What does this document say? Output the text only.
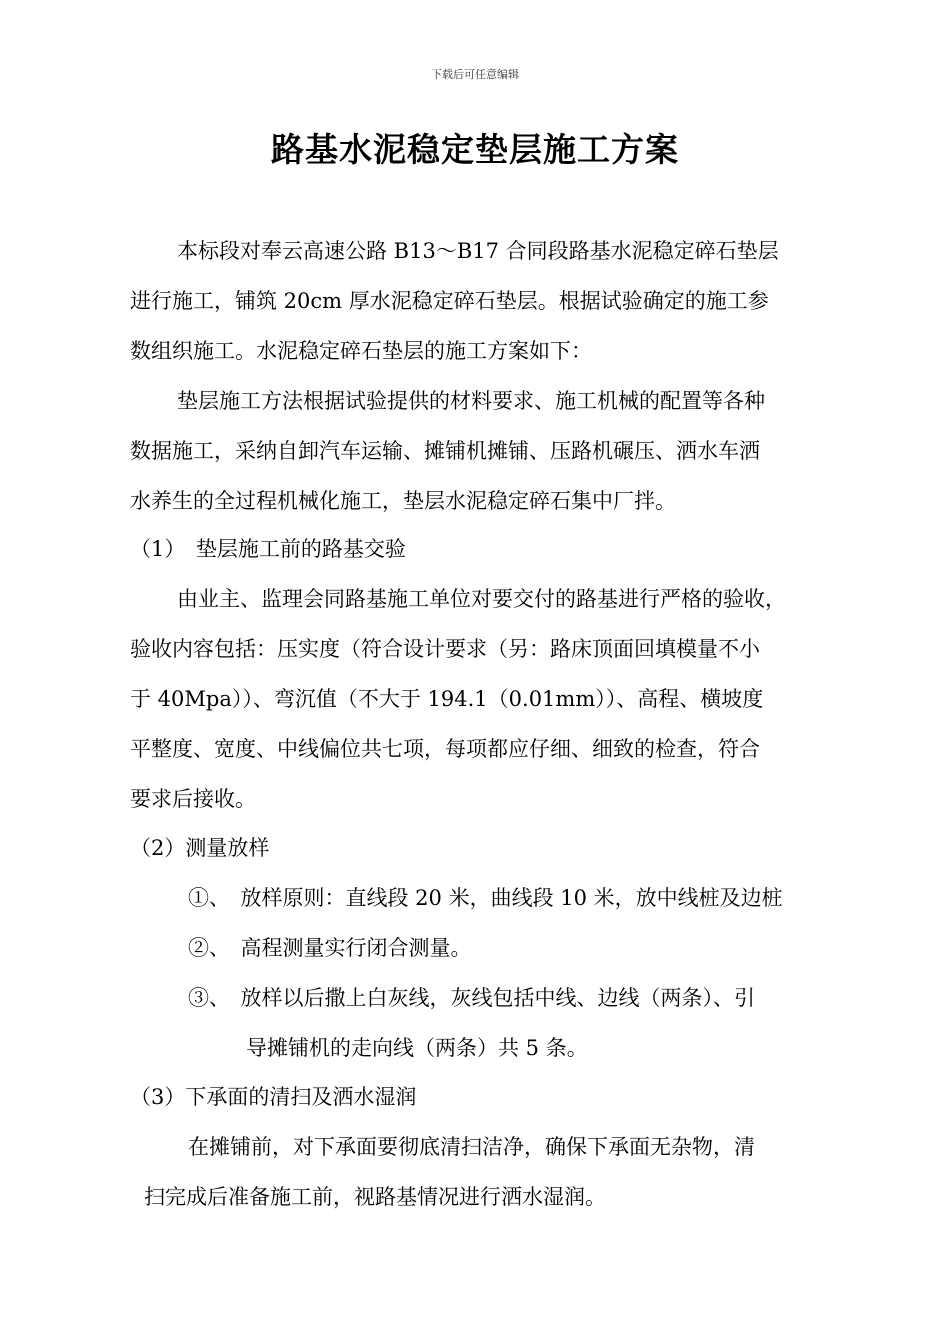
下载后可任意编辑
路基水泥稳定垫层施工方案
本标段对奉云高速公路 B13～B17 合同段路基水泥稳定碎石垫层
进行施工，铺筑 20cm 厚水泥稳定碎石垫层。根据试验确定的施工参
数组织施工。水泥稳定碎石垫层的施工方案如下：
垫层施工方法根据试验提供的材料要求、施工机械的配置等各种
数据施工，采纳自卸汽车运输、摊铺机摊铺、压路机碾压、洒水车洒
水养生的全过程机械化施工，垫层水泥稳定碎石集中厂拌。
（1）　垫层施工前的路基交验
由业主、监理会同路基施工单位对要交付的路基进行严格的验收，
验收内容包括：压实度（符合设计要求（另：路床顶面回填模量不小
于 40Mpa））、弯沉值（不大于 194.1（0.01mm））、高程、横坡度
平整度、宽度、中线偏位共七项，每项都应仔细、细致的检查，符合
要求后接收。
（2）测量放样
①、　放样原则：直线段 20 米，曲线段 10 米，放中线桩及边桩
②、　高程测量实行闭合测量。
③、　放样以后撒上白灰线，灰线包括中线、边线（两条）、引
导摊铺机的走向线（两条）共 5 条。
（3）下承面的清扫及洒水湿润
在摊铺前，对下承面要彻底清扫洁净，确保下承面无杂物，清
扫完成后准备施工前，视路基情况进行洒水湿润。
